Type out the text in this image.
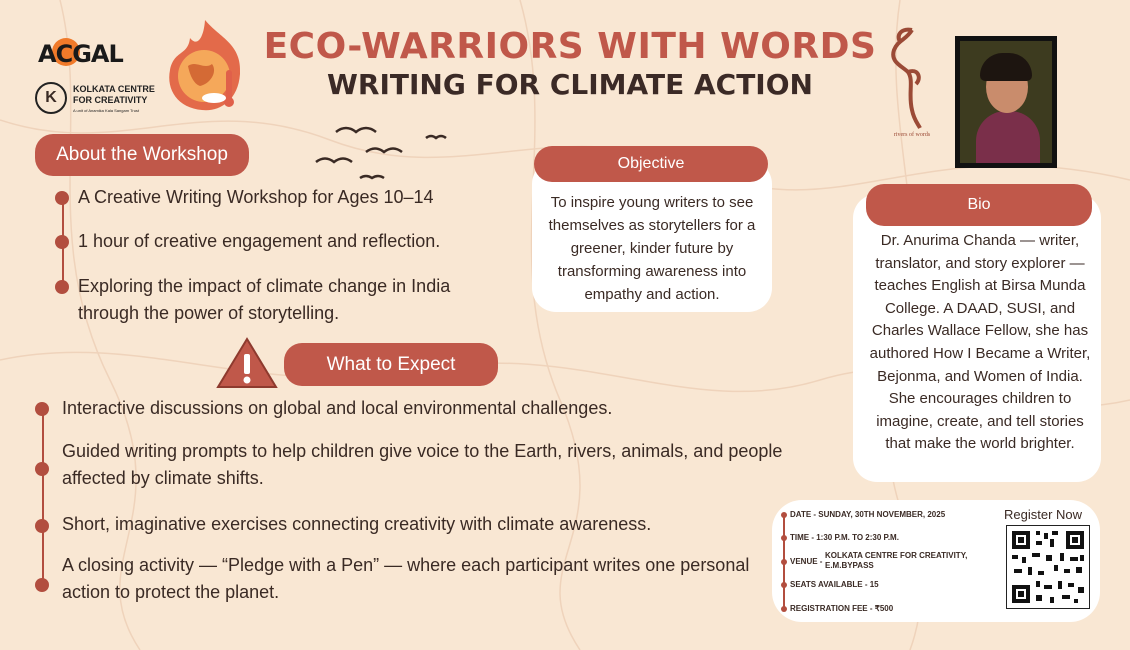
ACGAL
K	KOLKATA CENTRE FOR CREATIVITY
A unit of Anamika Kala Sangam Trust
ECO-WARRIORS WITH WORDS
WRITING FOR CLIMATE ACTION
rivers of words
About the Workshop
A Creative Writing Workshop for Ages 10–14
1 hour of creative engagement and reflection.
Exploring the impact of climate change in India through the power of storytelling.
Objective
To inspire young writers to see themselves as storytellers for a greener, kinder future by transforming awareness into empathy and action.
Bio
Dr. Anurima Chanda — writer, translator, and story explorer — teaches English at Birsa Munda College. A DAAD, SUSI, and Charles Wallace Fellow, she has authored How I Became a Writer, Bejonma, and Women of India. She encourages children to imagine, create, and tell stories that make the world brighter.
What to Expect
Interactive discussions on global and local environmental challenges.
Guided writing prompts to help children give voice to the Earth, rivers, animals, and people affected by climate shifts.
Short, imaginative exercises connecting creativity with climate awareness.
A closing activity — “Pledge with a Pen” — where each participant writes one personal action to protect the planet.
DATE - SUNDAY, 30TH NOVEMBER, 2025
TIME - 1:30 P.M. TO 2:30 P.M.
VENUE -
KOLKATA CENTRE FOR CREATIVITY, E.M.BYPASS
SEATS AVAILABLE - 15
REGISTRATION FEE - ₹500
Register Now
